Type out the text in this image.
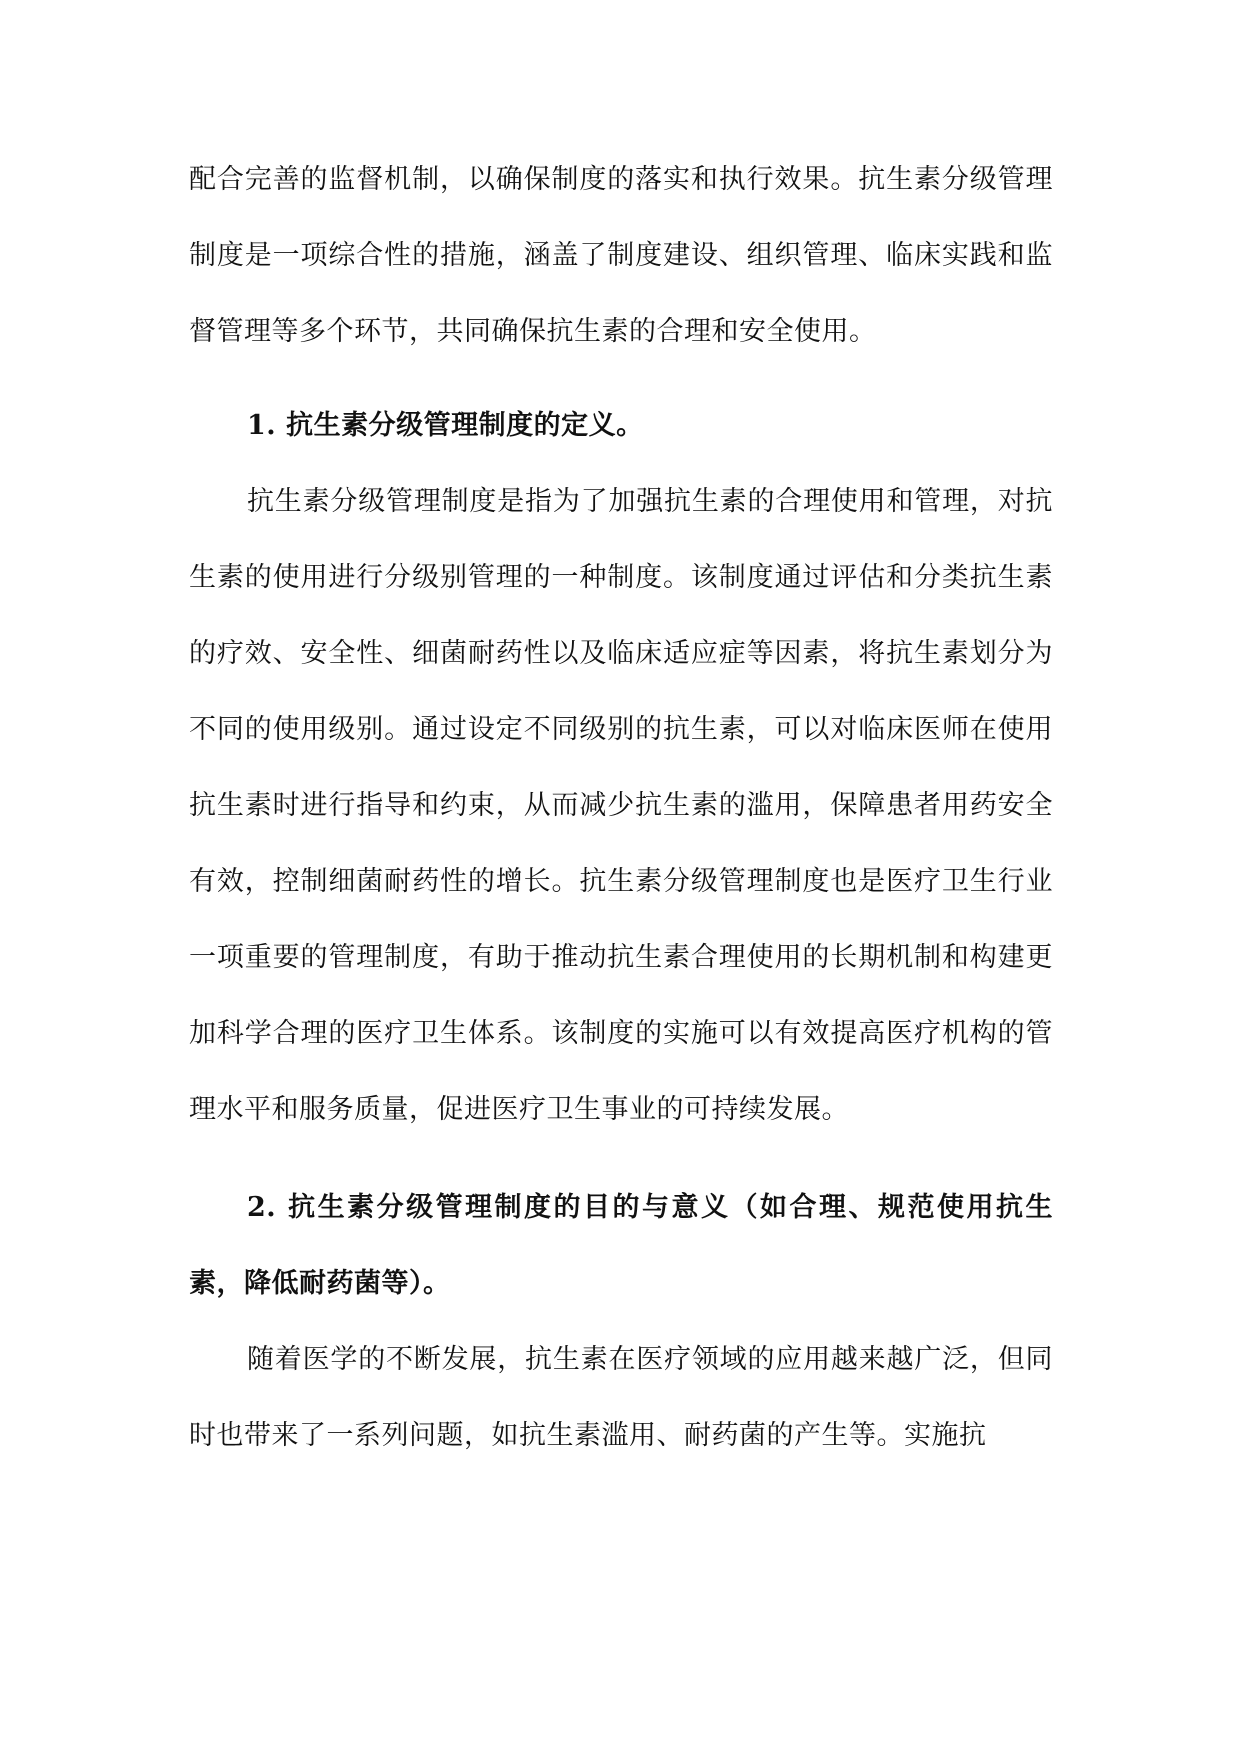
配合完善的监督机制，以确保制度的落实和执行效果。抗生素分级管理制度是一项综合性的措施，涵盖了制度建设、组织管理、临床实践和监督管理等多个环节，共同确保抗生素的合理和安全使用。

1. 抗生素分级管理制度的定义。

抗生素分级管理制度是指为了加强抗生素的合理使用和管理，对抗生素的使用进行分级别管理的一种制度。该制度通过评估和分类抗生素的疗效、安全性、细菌耐药性以及临床适应症等因素，将抗生素划分为不同的使用级别。通过设定不同级别的抗生素，可以对临床医师在使用抗生素时进行指导和约束，从而减少抗生素的滥用，保障患者用药安全有效，控制细菌耐药性的增长。抗生素分级管理制度也是医疗卫生行业一项重要的管理制度，有助于推动抗生素合理使用的长期机制和构建更加科学合理的医疗卫生体系。该制度的实施可以有效提高医疗机构的管理水平和服务质量，促进医疗卫生事业的可持续发展。

2. 抗生素分级管理制度的目的与意义（如合理、规范使用抗生素，降低耐药菌等）。

随着医学的不断发展，抗生素在医疗领域的应用越来越广泛，但同时也带来了一系列问题，如抗生素滥用、耐药菌的产生等。实施抗
